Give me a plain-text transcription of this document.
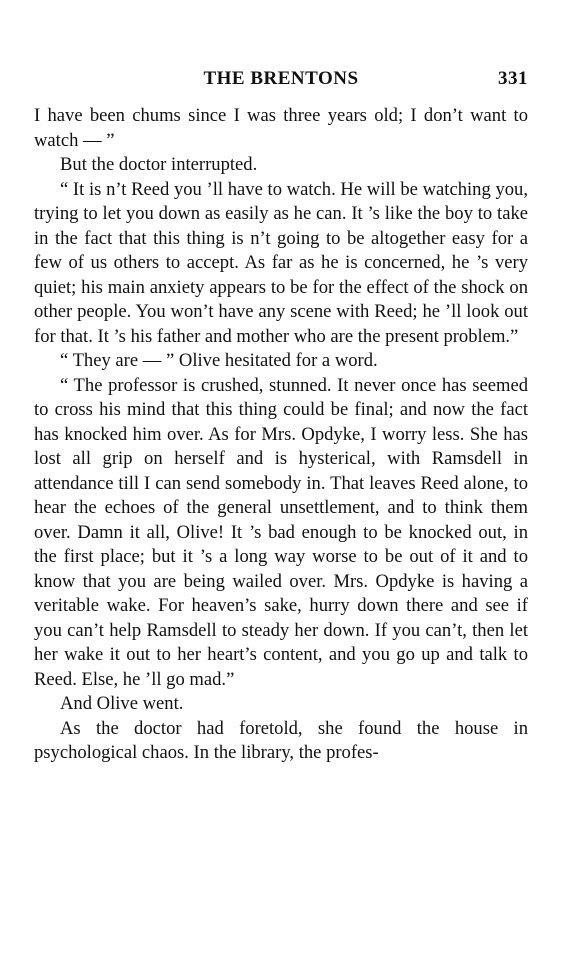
THE BRENTONS	331

I have been chums since I was three years old; I don’t want to watch — ”

But the doctor interrupted.

“ It is n’t Reed you ’ll have to watch. He will be watching you, trying to let you down as easily as he can. It ’s like the boy to take in the fact that this thing is n’t going to be altogether easy for a few of us others to accept. As far as he is concerned, he ’s very quiet; his main anxiety appears to be for the effect of the shock on other people. You won’t have any scene with Reed; he ’ll look out for that. It ’s his father and mother who are the present problem.”

“ They are — ” Olive hesitated for a word.

“ The professor is crushed, stunned. It never once has seemed to cross his mind that this thing could be final; and now the fact has knocked him over. As for Mrs. Opdyke, I worry less. She has lost all grip on herself and is hysterical, with Ramsdell in attendance till I can send somebody in. That leaves Reed alone, to hear the echoes of the general unsettlement, and to think them over. Damn it all, Olive! It ’s bad enough to be knocked out, in the first place; but it ’s a long way worse to be out of it and to know that you are being wailed over. Mrs. Opdyke is having a veritable wake. For heaven’s sake, hurry down there and see if you can’t help Ramsdell to steady her down. If you can’t, then let her wake it out to her heart’s content, and you go up and talk to Reed. Else, he ’ll go mad.”

And Olive went.

As the doctor had foretold, she found the house in psychological chaos. In the library, the profes-
